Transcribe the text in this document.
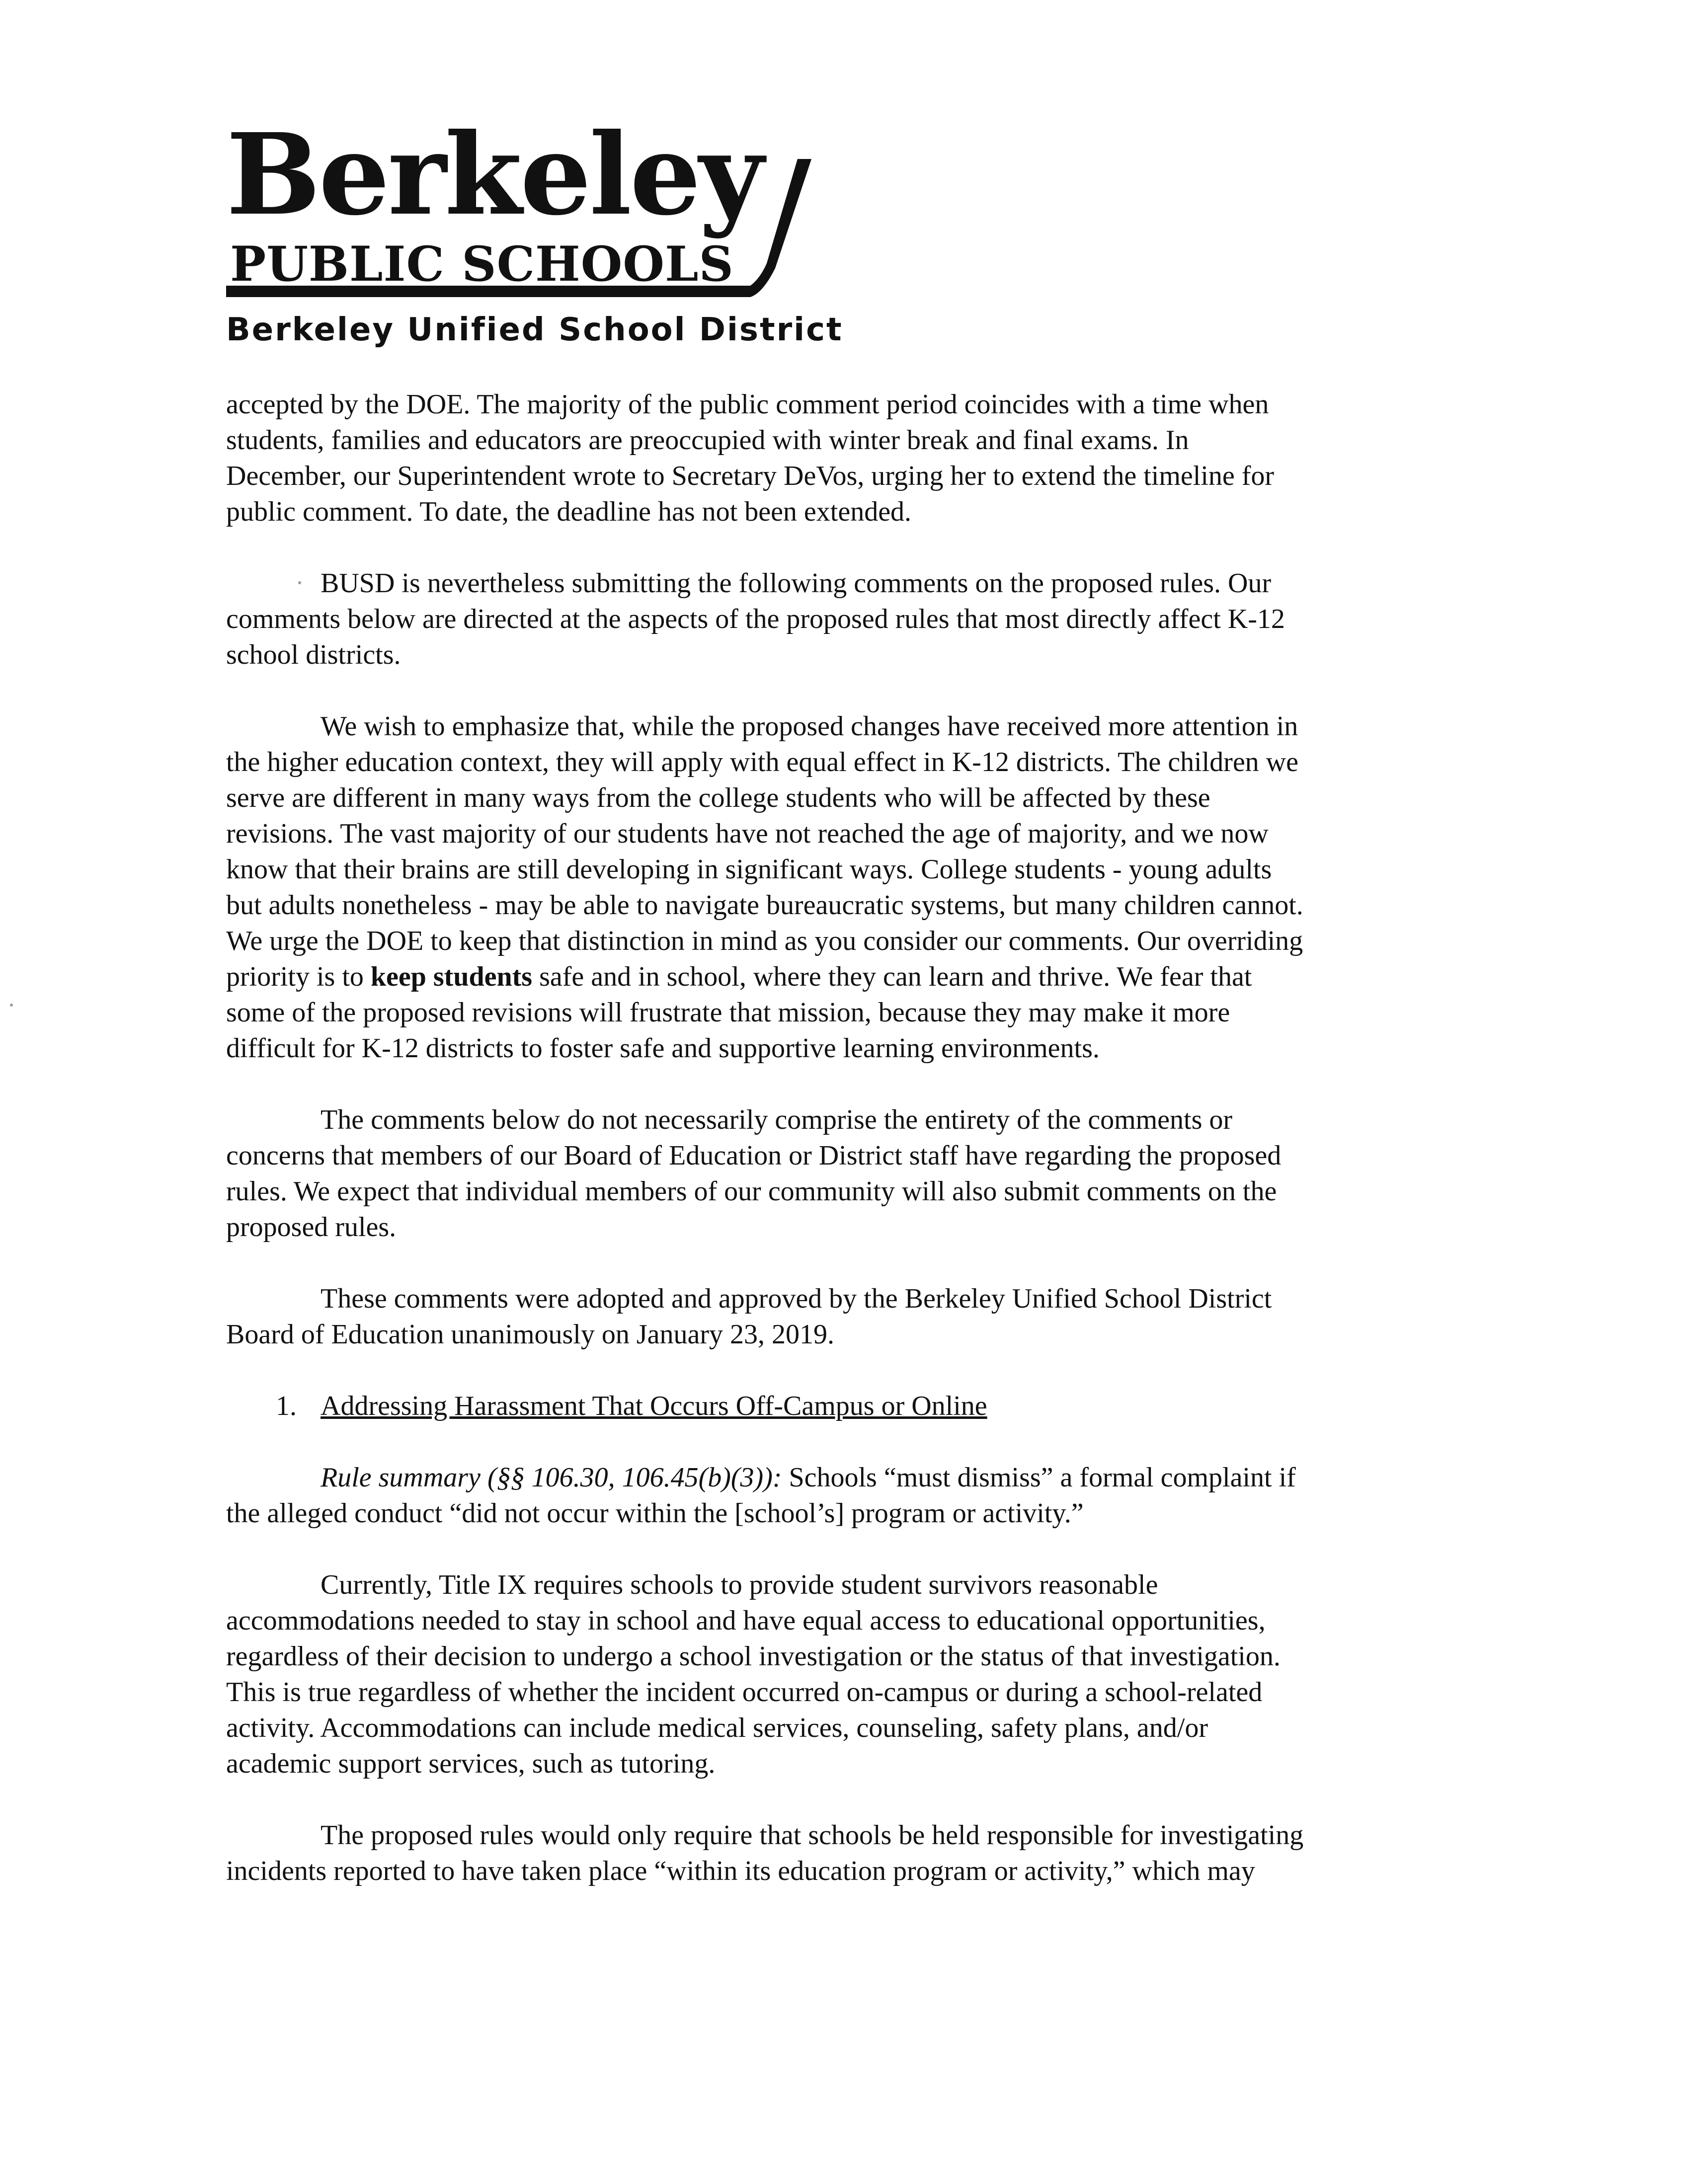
Berkeley
PUBLIC SCHOOLS
Berkeley Unified School District
accepted by the DOE. The majority of the public comment period coincides with a time when
students, families and educators are preoccupied with winter break and final exams. In
December, our Superintendent wrote to Secretary DeVos, urging her to extend the timeline for
public comment. To date, the deadline has not been extended.
BUSD is nevertheless submitting the following comments on the proposed rules. Our
comments below are directed at the aspects of the proposed rules that most directly affect K-12
school districts.
We wish to emphasize that, while the proposed changes have received more attention in
the higher education context, they will apply with equal effect in K-12 districts. The children we
serve are different in many ways from the college students who will be affected by these
revisions. The vast majority of our students have not reached the age of majority, and we now
know that their brains are still developing in significant ways. College students - young adults
but adults nonetheless - may be able to navigate bureaucratic systems, but many children cannot.
We urge the DOE to keep that distinction in mind as you consider our comments. Our overriding
priority is to keep students safe and in school, where they can learn and thrive. We fear that
some of the proposed revisions will frustrate that mission, because they may make it more
difficult for K-12 districts to foster safe and supportive learning environments.
The comments below do not necessarily comprise the entirety of the comments or
concerns that members of our Board of Education or District staff have regarding the proposed
rules. We expect that individual members of our community will also submit comments on the
proposed rules.
These comments were adopted and approved by the Berkeley Unified School District
Board of Education unanimously on January 23, 2019.
1. Addressing Harassment That Occurs Off-Campus or Online
Rule summary (§§ 106.30, 106.45(b)(3)): Schools “must dismiss” a formal complaint if
the alleged conduct “did not occur within the [school’s] program or activity.”
Currently, Title IX requires schools to provide student survivors reasonable
accommodations needed to stay in school and have equal access to educational opportunities,
regardless of their decision to undergo a school investigation or the status of that investigation.
This is true regardless of whether the incident occurred on-campus or during a school-related
activity. Accommodations can include medical services, counseling, safety plans, and/or
academic support services, such as tutoring.
The proposed rules would only require that schools be held responsible for investigating
incidents reported to have taken place “within its education program or activity,” which may
